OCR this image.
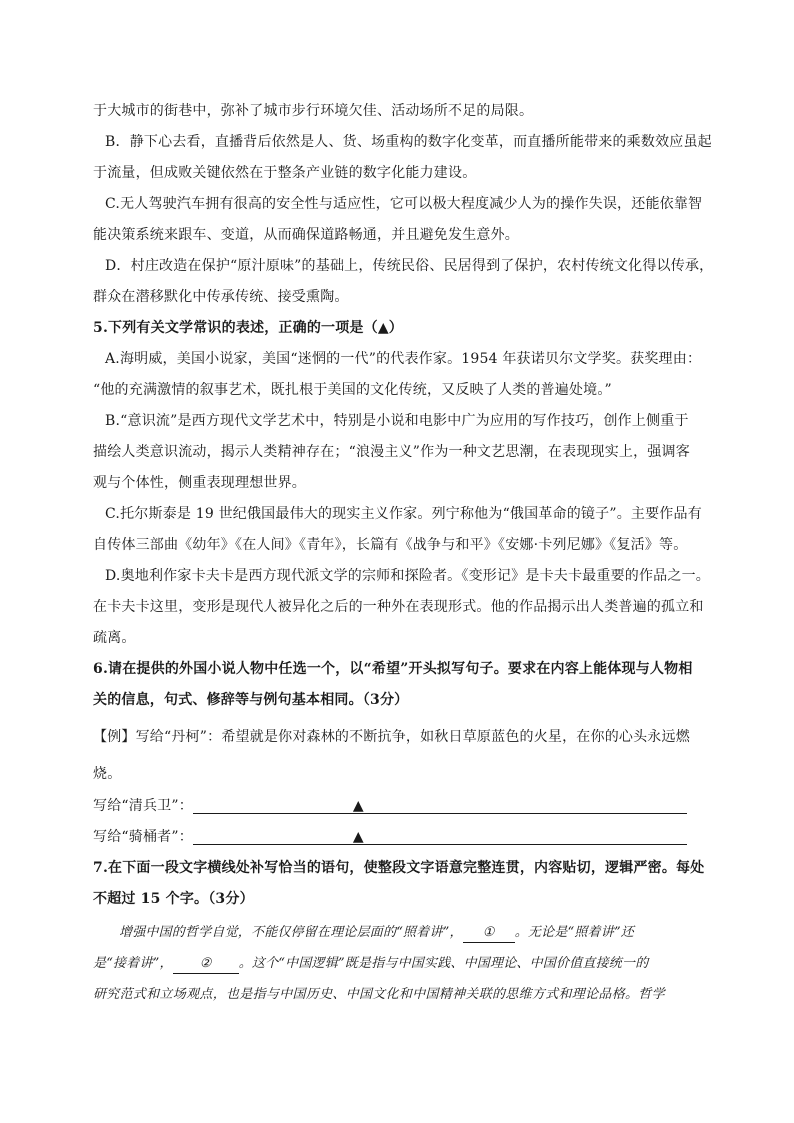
于大城市的街巷中，弥补了城市步行环境欠佳、活动场所不足的局限。
B．静下心去看，直播背后依然是人、货、场重构的数字化变革，而直播所能带来的乘数效应虽起
于流量，但成败关键依然在于整条产业链的数字化能力建设。
C.无人驾驶汽车拥有很高的安全性与适应性，它可以极大程度减少人为的操作失误，还能依靠智
能决策系统来跟车、变道，从而确保道路畅通，并且避免发生意外。
D．村庄改造在保护“原汁原味”的基础上，传统民俗、民居得到了保护，农村传统文化得以传承，
群众在潜移默化中传承传统、接受熏陶。
5.下列有关文学常识的表述，正确的一项是（▲）
A.海明威，美国小说家，美国“迷惘的一代”的代表作家。1954 年获诺贝尔文学奖。获奖理由：
“他的充满激情的叙事艺术，既扎根于美国的文化传统，又反映了人类的普遍处境。”
B.“意识流”是西方现代文学艺术中，特别是小说和电影中广为应用的写作技巧，创作上侧重于
描绘人类意识流动，揭示人类精神存在；“浪漫主义”作为一种文艺思潮，在表现现实上，强调客
观与个体性，侧重表现理想世界。
C.托尔斯泰是 19 世纪俄国最伟大的现实主义作家。列宁称他为“俄国革命的镜子”。主要作品有
自传体三部曲《幼年》《在人间》《青年》，长篇有《战争与和平》《安娜·卡列尼娜》《复活》等。
D.奥地利作家卡夫卡是西方现代派文学的宗师和探险者。《变形记》是卡夫卡最重要的作品之一。
在卡夫卡这里，变形是现代人被异化之后的一种外在表现形式。他的作品揭示出人类普遍的孤立和
疏离。
6.请在提供的外国小说人物中任选一个，以“希望”开头拟写句子。要求在内容上能体现与人物相
关的信息，句式、修辞等与例句基本相同。（3分）
【例】写给“丹柯”：希望就是你对森林的不断抗争，如秋日草原蓝色的火星，在你的心头永远燃
烧。
写给“清兵卫”：	▲
写给“骑桶者”：	▲
7.在下面一段文字横线处补写恰当的语句，使整段文字语意完整连贯，内容贴切，逻辑严密。每处
不超过 15 个字。（3分）
增强中国的哲学自觉，不能仅停留在理论层面的“照着讲”， ① 。无论是“照着讲”还
是“接着讲”， ② 。这个“中国逻辑”既是指与中国实践、中国理论、中国价值直接统一的
研究范式和立场观点，也是指与中国历史、中国文化和中国精神关联的思维方式和理论品格。哲学
